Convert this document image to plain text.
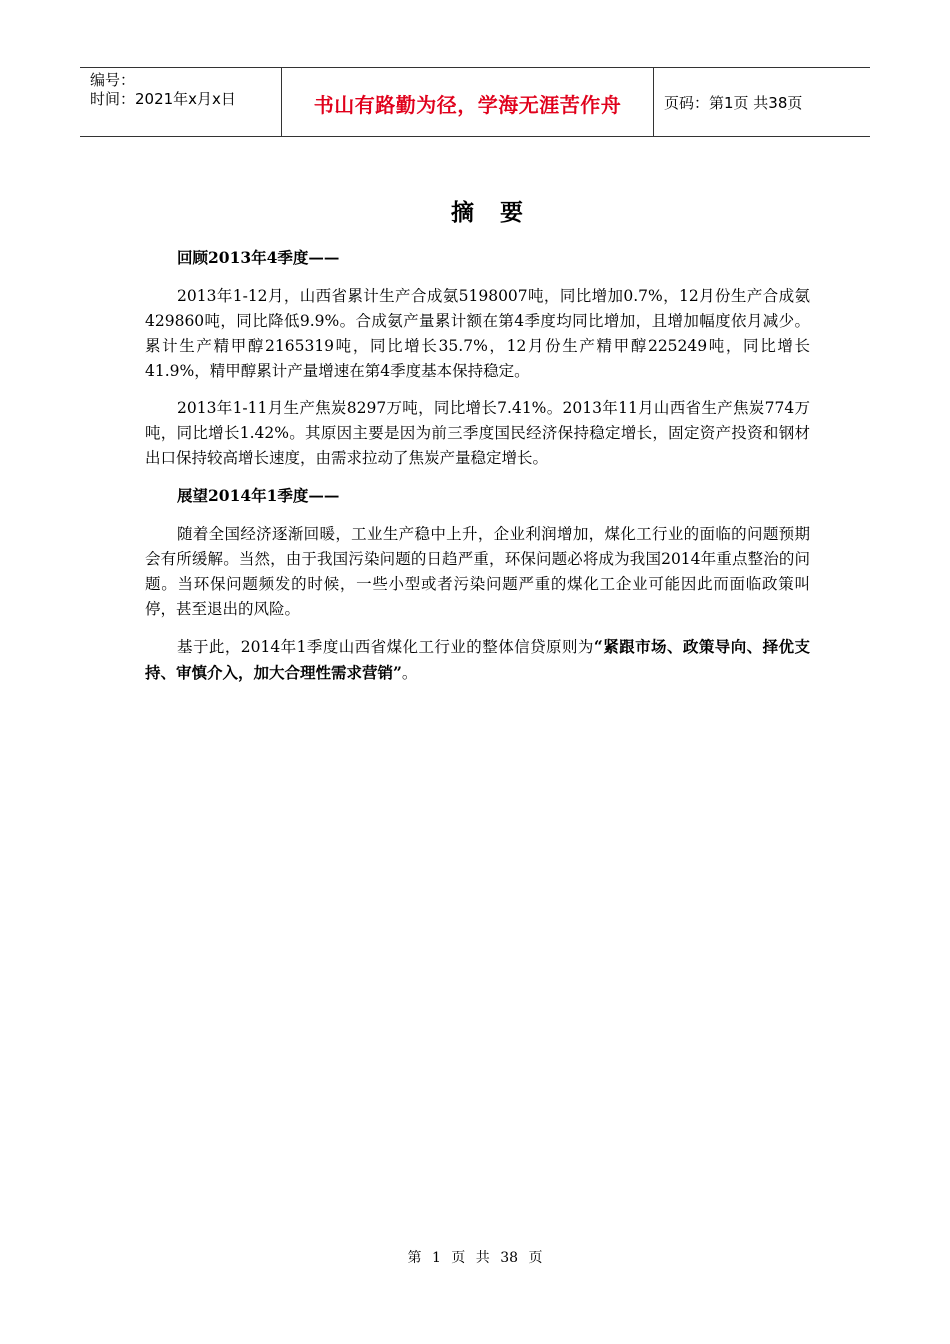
编号：
时间：2021年x月x日	书山有路勤为径，学海无涯苦作舟	页码：第1页 共38页
摘要

回顾2013年4季度——

2013年1-12月，山西省累计生产合成氨5198007吨，同比增加0.7%，12月份生产合成氨429860吨，同比降低9.9%。合成氨产量累计额在第4季度均同比增加，且增加幅度依月减少。累计生产精甲醇2165319吨，同比增长35.7%，12月份生产精甲醇225249吨，同比增长41.9%，精甲醇累计产量增速在第4季度基本保持稳定。

2013年1-11月生产焦炭8297万吨，同比增长7.41%。2013年11月山西省生产焦炭774万吨，同比增长1.42%。其原因主要是因为前三季度国民经济保持稳定增长，固定资产投资和钢材出口保持较高增长速度，由需求拉动了焦炭产量稳定增长。

展望2014年1季度——

随着全国经济逐渐回暖，工业生产稳中上升，企业利润增加，煤化工行业的面临的问题预期会有所缓解。当然，由于我国污染问题的日趋严重，环保问题必将成为我国2014年重点整治的问题。当环保问题频发的时候，一些小型或者污染问题严重的煤化工企业可能因此而面临政策叫停，甚至退出的风险。

基于此，2014年1季度山西省煤化工行业的整体信贷原则为“紧跟市场、政策导向、择优支持、审慎介入，加大合理性需求营销”。

第 1 页 共 38 页
